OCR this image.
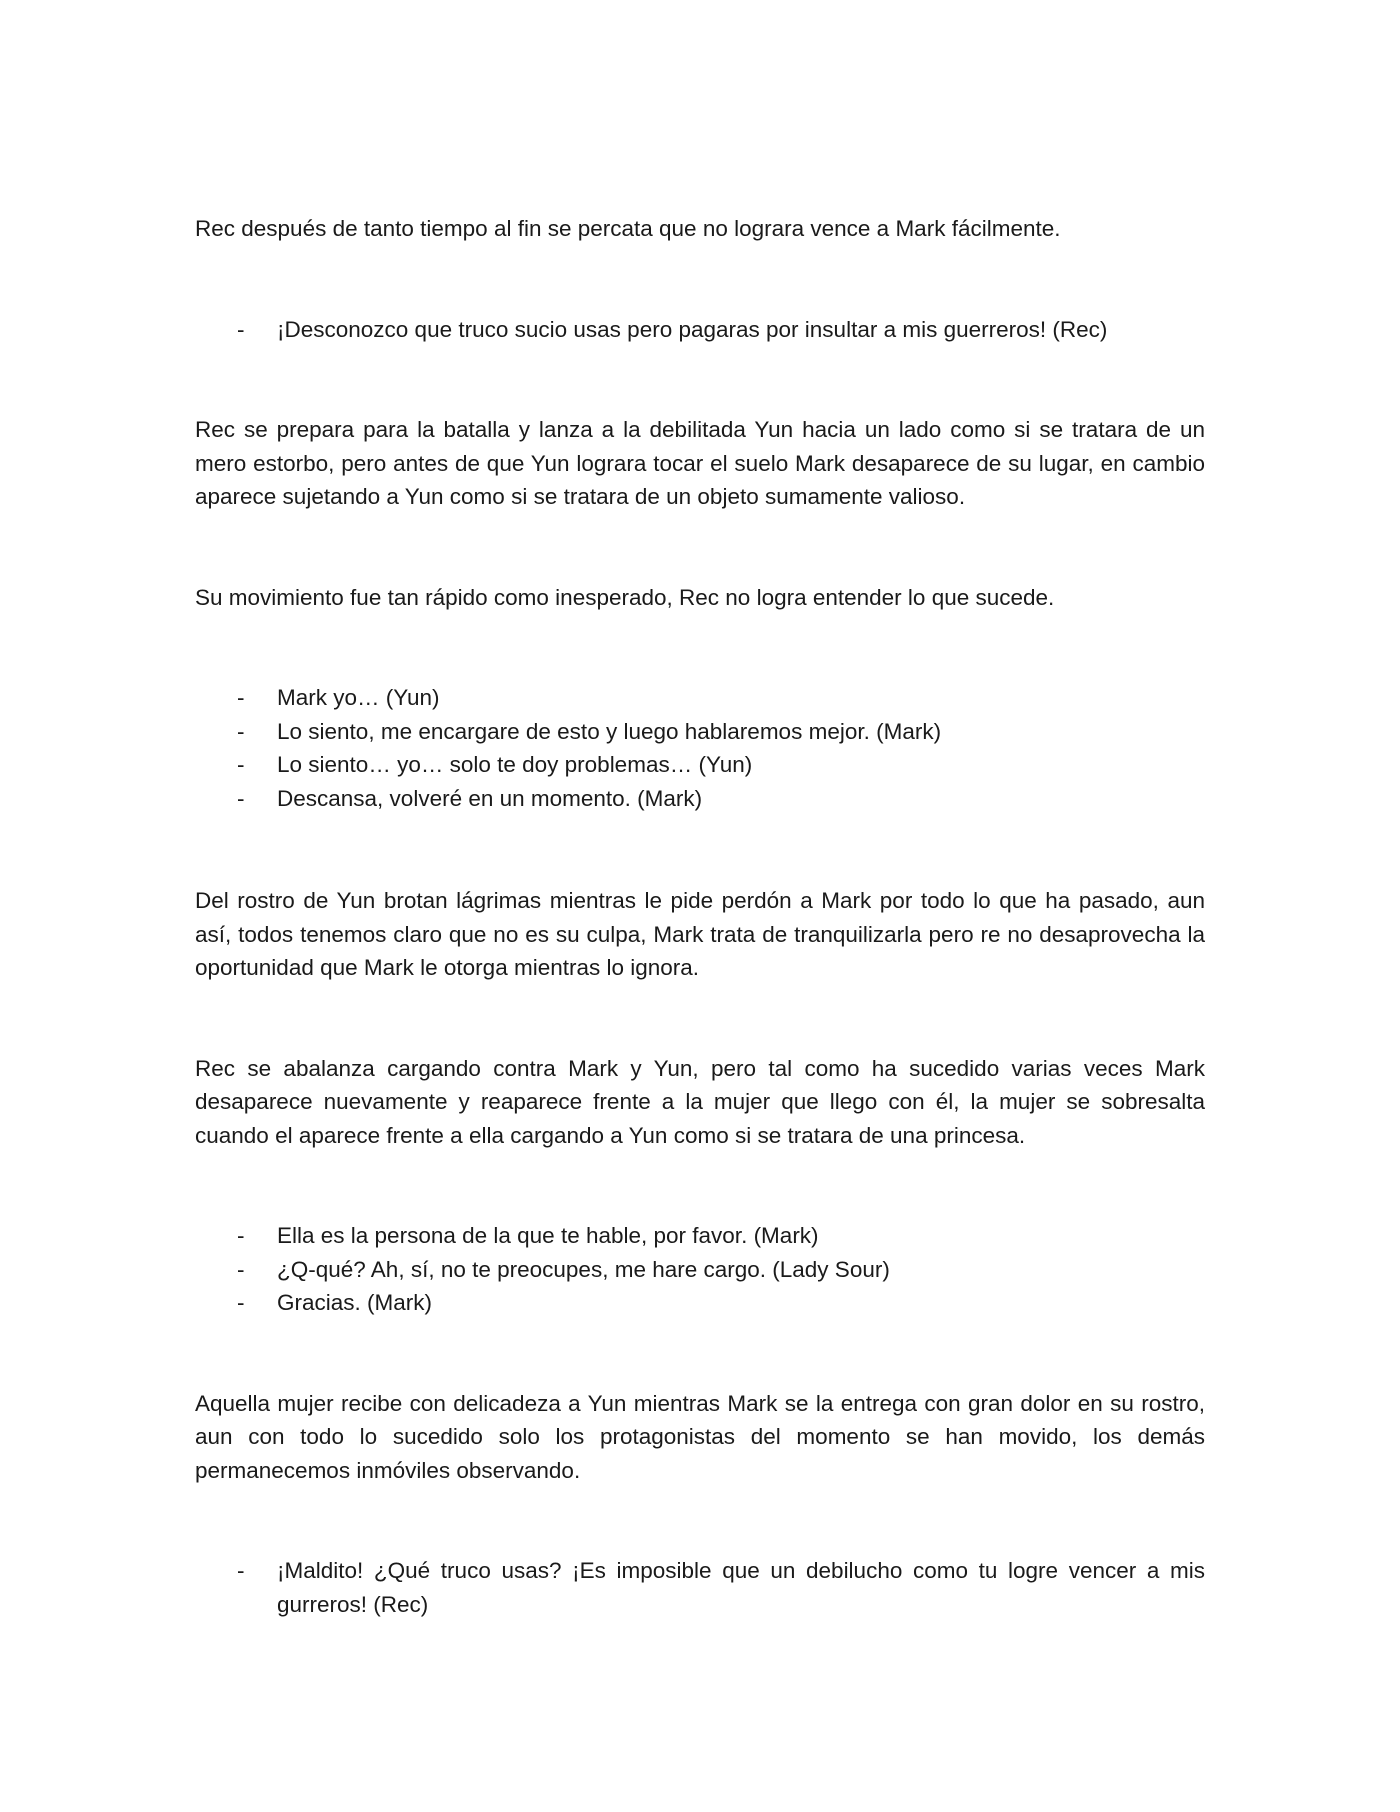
Rec después de tanto tiempo al fin se percata que no lograra vence a Mark fácilmente.

- ¡Desconozco que truco sucio usas pero pagaras por insultar a mis guerreros! (Rec)

Rec se prepara para la batalla y lanza a la debilitada Yun hacia un lado como si se tratara de un mero estorbo, pero antes de que Yun lograra tocar el suelo Mark desaparece de su lugar, en cambio aparece sujetando a Yun como si se tratara de un objeto sumamente valioso.

Su movimiento fue tan rápido como inesperado, Rec no logra entender lo que sucede.

- Mark yo… (Yun)
- Lo siento, me encargare de esto y luego hablaremos mejor. (Mark)
- Lo siento… yo… solo te doy problemas… (Yun)
- Descansa, volveré en un momento. (Mark)

Del rostro de Yun brotan lágrimas mientras le pide perdón a Mark por todo lo que ha pasado, aun así, todos tenemos claro que no es su culpa, Mark trata de tranquilizarla pero re no desaprovecha la oportunidad que Mark le otorga mientras lo ignora.

Rec se abalanza cargando contra Mark y Yun, pero tal como ha sucedido varias veces Mark desaparece nuevamente y reaparece frente a la mujer que llego con él, la mujer se sobresalta cuando el aparece frente a ella cargando a Yun como si se tratara de una princesa.

- Ella es la persona de la que te hable, por favor. (Mark)
- ¿Q-qué? Ah, sí, no te preocupes, me hare cargo. (Lady Sour)
- Gracias. (Mark)

Aquella mujer recibe con delicadeza a Yun mientras Mark se la entrega con gran dolor en su rostro, aun con todo lo sucedido solo los protagonistas del momento se han movido, los demás permanecemos inmóviles observando.

- ¡Maldito! ¿Qué truco usas? ¡Es imposible que un debilucho como tu logre vencer a mis gurreros! (Rec)
